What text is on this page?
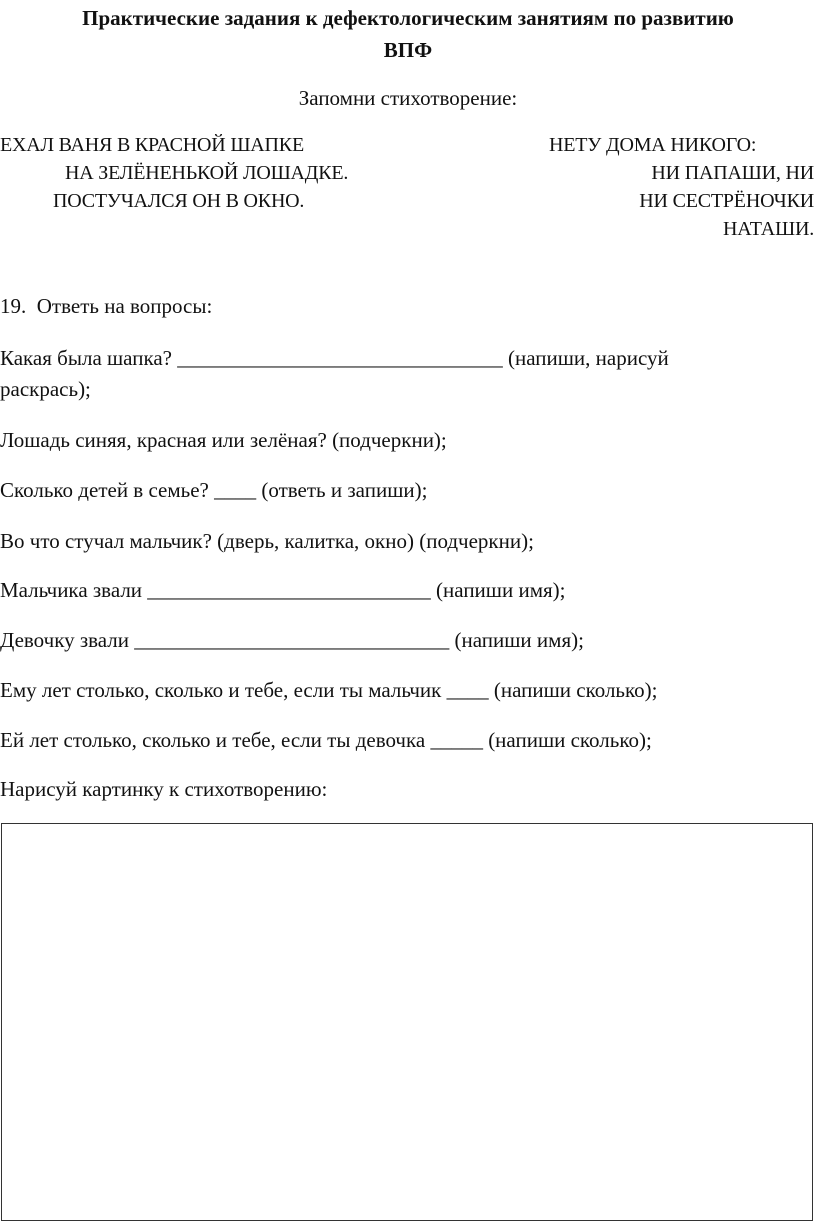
Практические задания к дефектологическим занятиям по развитию
ВПФ
Запомни стихотворение:
ЕХАЛ ВАНЯ В КРАСНОЙ ШАПКЕ
НА ЗЕЛЁНЕНЬКОЙ ЛОШАДКЕ.
ПОСТУЧАЛСЯ ОН В ОКНО.
НЕТУ ДОМА НИКОГО:
НИ ПАПАШИ, НИ
НИ СЕСТРЁНОЧКИ
НАТАШИ.
19. Ответь на вопросы:
Какая была шапка? _______________________________ (напиши, нарисуй
раскрась);
Лошадь синяя, красная или зелёная? (подчеркни);
Сколько детей в семье? ____ (ответь и запиши);
Во что стучал мальчик? (дверь, калитка, окно) (подчеркни);
Мальчика звали ___________________________ (напиши имя);
Девочку звали ______________________________ (напиши имя);
Ему лет столько, сколько и тебе, если ты мальчик ____ (напиши сколько);
Ей лет столько, сколько и тебе, если ты девочка _____ (напиши сколько);
Нарисуй картинку к стихотворению:
